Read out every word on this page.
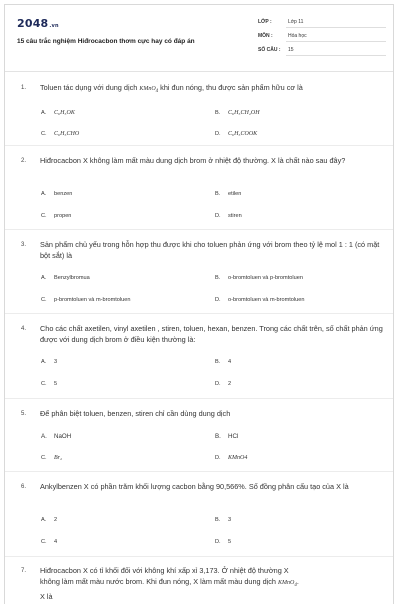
2048.vn
15 câu trắc nghiệm Hiđrocacbon thơm cực hay có đáp án
LỚP :	Lớp 11
MÔN :	Hóa học
SỐ CÂU : 15
1. Toluen tác dụng với dung dịch KMnO$_4$ khi đun nóng, thu được sản phẩm hữu cơ là
A. C₆H₅OK	B. C₆H₅CH₂OH
C. C₆H₅CHO	D. C₆H₅COOK
2. Hiđrocacbon X không làm mất màu dung dịch brom ở nhiệt độ thường. X là chất nào sau đây?
A. benzen	B. etilen
C. propen	D. stiren
3. Sản phẩm chủ yếu trong hỗn hợp thu được khi cho toluen phản ứng với brom theo tỷ lệ mol 1 : 1 (có mặt bột sắt) là
A. Benzylbromua	B. o-bromtoluen và p-bromtoluen
C. p-bromtoluen và m-bromtoluen	D. o-bromtoluen và m-bromtoluen
4. Cho các chất axetilen, vinyl axetilen , stiren, toluen, hexan, benzen. Trong các chất trên, số chất phản ứng được với dung dịch brom ở điều kiện thường là:
A. 3	B. 4
C. 5	D. 2
5. Để phân biệt toluen, benzen, stiren chỉ cần dùng dung dịch
A. NaOH	B. HCl
C. Br₂	D. KMnO4
6. Ankylbenzen X có phần trăm khối lượng cacbon bằng 90,566%. Số đồng phân cấu tạo của X là
A. 2	B. 3
C. 4	D. 5
7. Hiđrocacbon X có tỉ khối đối với không khí xấp xỉ 3,173. Ở nhiệt độ thường X
không làm mất màu nước brom. Khi đun nóng, X làm mất màu dung dịch KMnO$_4$.
X là
